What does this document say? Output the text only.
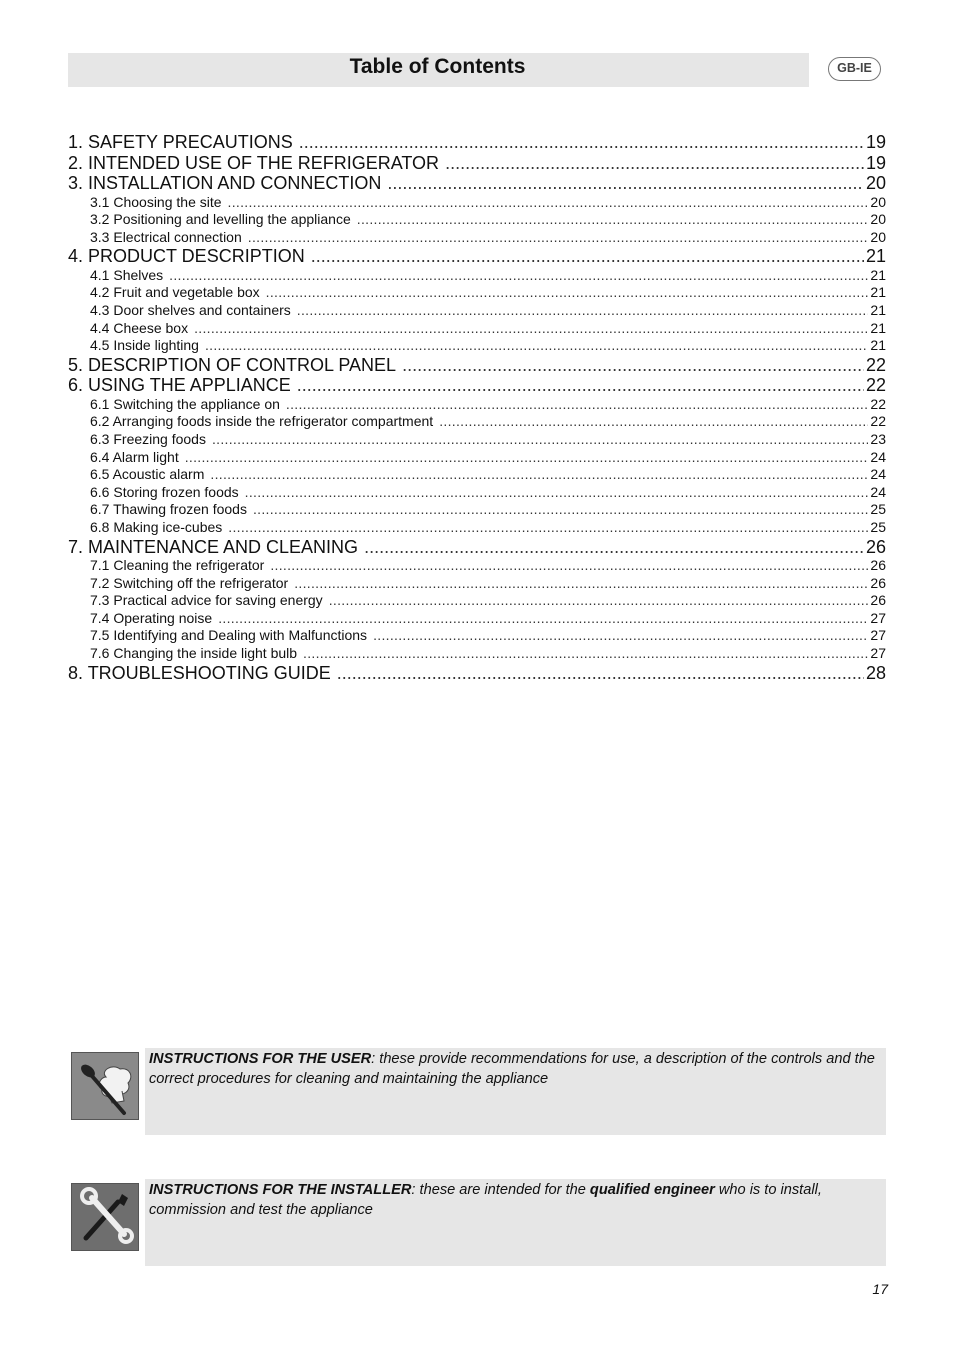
Table of Contents	GB-IE
1. SAFETY PRECAUTIONS .....	19
2. INTENDED USE OF THE REFRIGERATOR .....	19
3. INSTALLATION AND CONNECTION .....	20
3.1 Choosing the site .....	20
3.2 Positioning and levelling the appliance .....	20
3.3 Electrical connection .....	20
4. PRODUCT DESCRIPTION .....	21
4.1 Shelves .....	21
4.2 Fruit and vegetable box .....	21
4.3 Door shelves and containers .....	21
4.4 Cheese box .....	21
4.5 Inside lighting .....	21
5. DESCRIPTION OF CONTROL PANEL .....	22
6. USING THE APPLIANCE .....	22
6.1 Switching the appliance on .....	22
6.2 Arranging foods inside the refrigerator compartment .....	22
6.3 Freezing foods .....	23
6.4 Alarm light .....	24
6.5 Acoustic alarm .....	24
6.6 Storing frozen foods .....	24
6.7 Thawing frozen foods .....	25
6.8 Making ice-cubes .....	25
7. MAINTENANCE AND CLEANING .....	26
7.1 Cleaning the refrigerator .....	26
7.2 Switching off the refrigerator .....	26
7.3 Practical advice for saving energy .....	26
7.4 Operating noise .....	27
7.5 Identifying and Dealing with Malfunctions .....	27
7.6 Changing the inside light bulb .....	27
8. TROUBLESHOOTING GUIDE .....	28

INSTRUCTIONS FOR THE USER: these provide recommendations for use, a description of the controls and the correct procedures for cleaning and maintaining the appliance

INSTRUCTIONS FOR THE INSTALLER: these are intended for the qualified engineer who is to install, commission and test the appliance

17
